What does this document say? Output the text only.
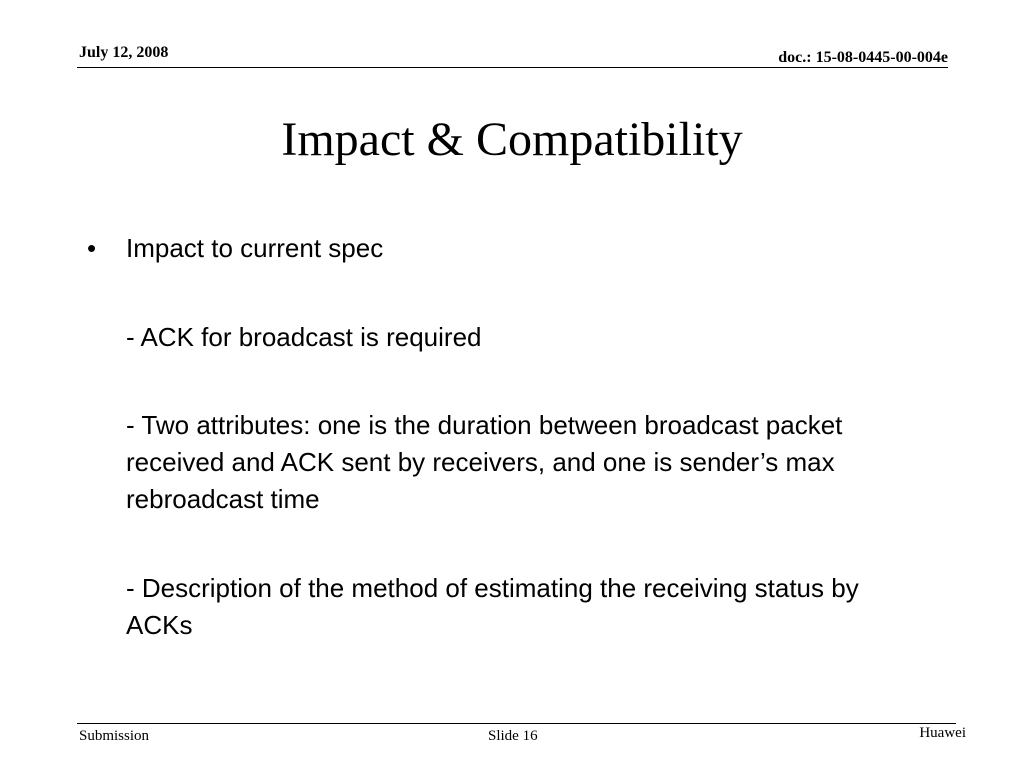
July 12, 2008	doc.: 15-08-0445-00-004e
Impact & Compatibility

• Impact to current spec

- ACK for broadcast is required

- Two attributes: one is the duration between broadcast packet received and ACK sent by receivers, and one is sender’s max rebroadcast time

- Description of the method of estimating the receiving status by ACKs

Submission	Slide 16	Huawei
